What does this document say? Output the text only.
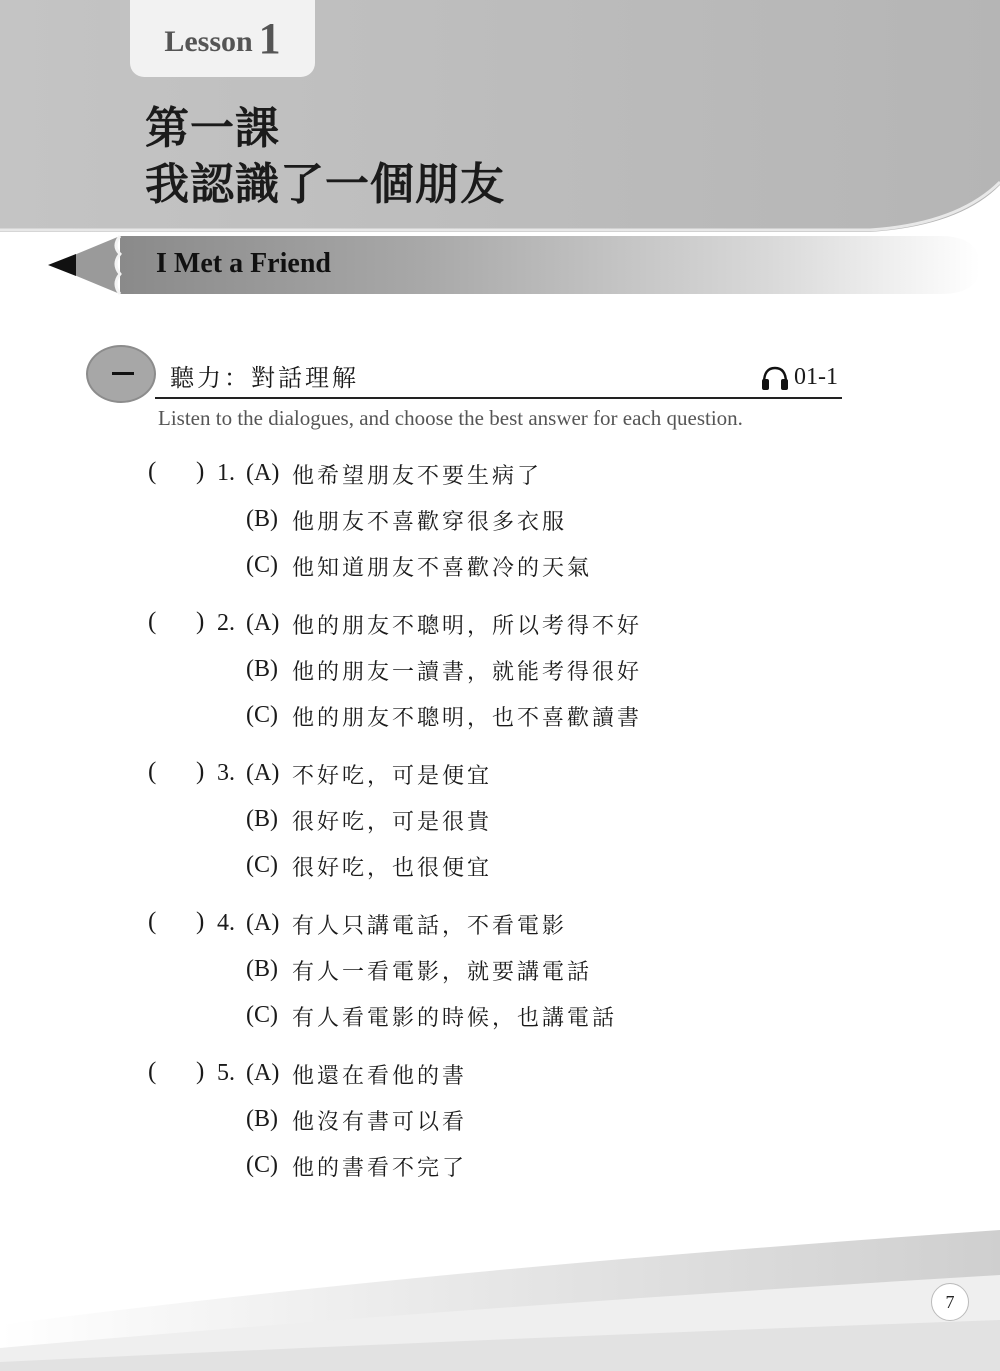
Lesson 1
第一課
我認識了一個朋友
I Met a Friend
聽力：對話理解	01-1
Listen to the dialogues, and choose the best answer for each question.
( ) 1. (A) 他希望朋友不要生病了
(B) 他朋友不喜歡穿很多衣服
(C) 他知道朋友不喜歡冷的天氣
( ) 2. (A) 他的朋友不聰明，所以考得不好
(B) 他的朋友一讀書，就能考得很好
(C) 他的朋友不聰明，也不喜歡讀書
( ) 3. (A) 不好吃，可是便宜
(B) 很好吃，可是很貴
(C) 很好吃，也很便宜
( ) 4. (A) 有人只講電話，不看電影
(B) 有人一看電影，就要講電話
(C) 有人看電影的時候，也講電話
( ) 5. (A) 他還在看他的書
(B) 他沒有書可以看
(C) 他的書看不完了
7
